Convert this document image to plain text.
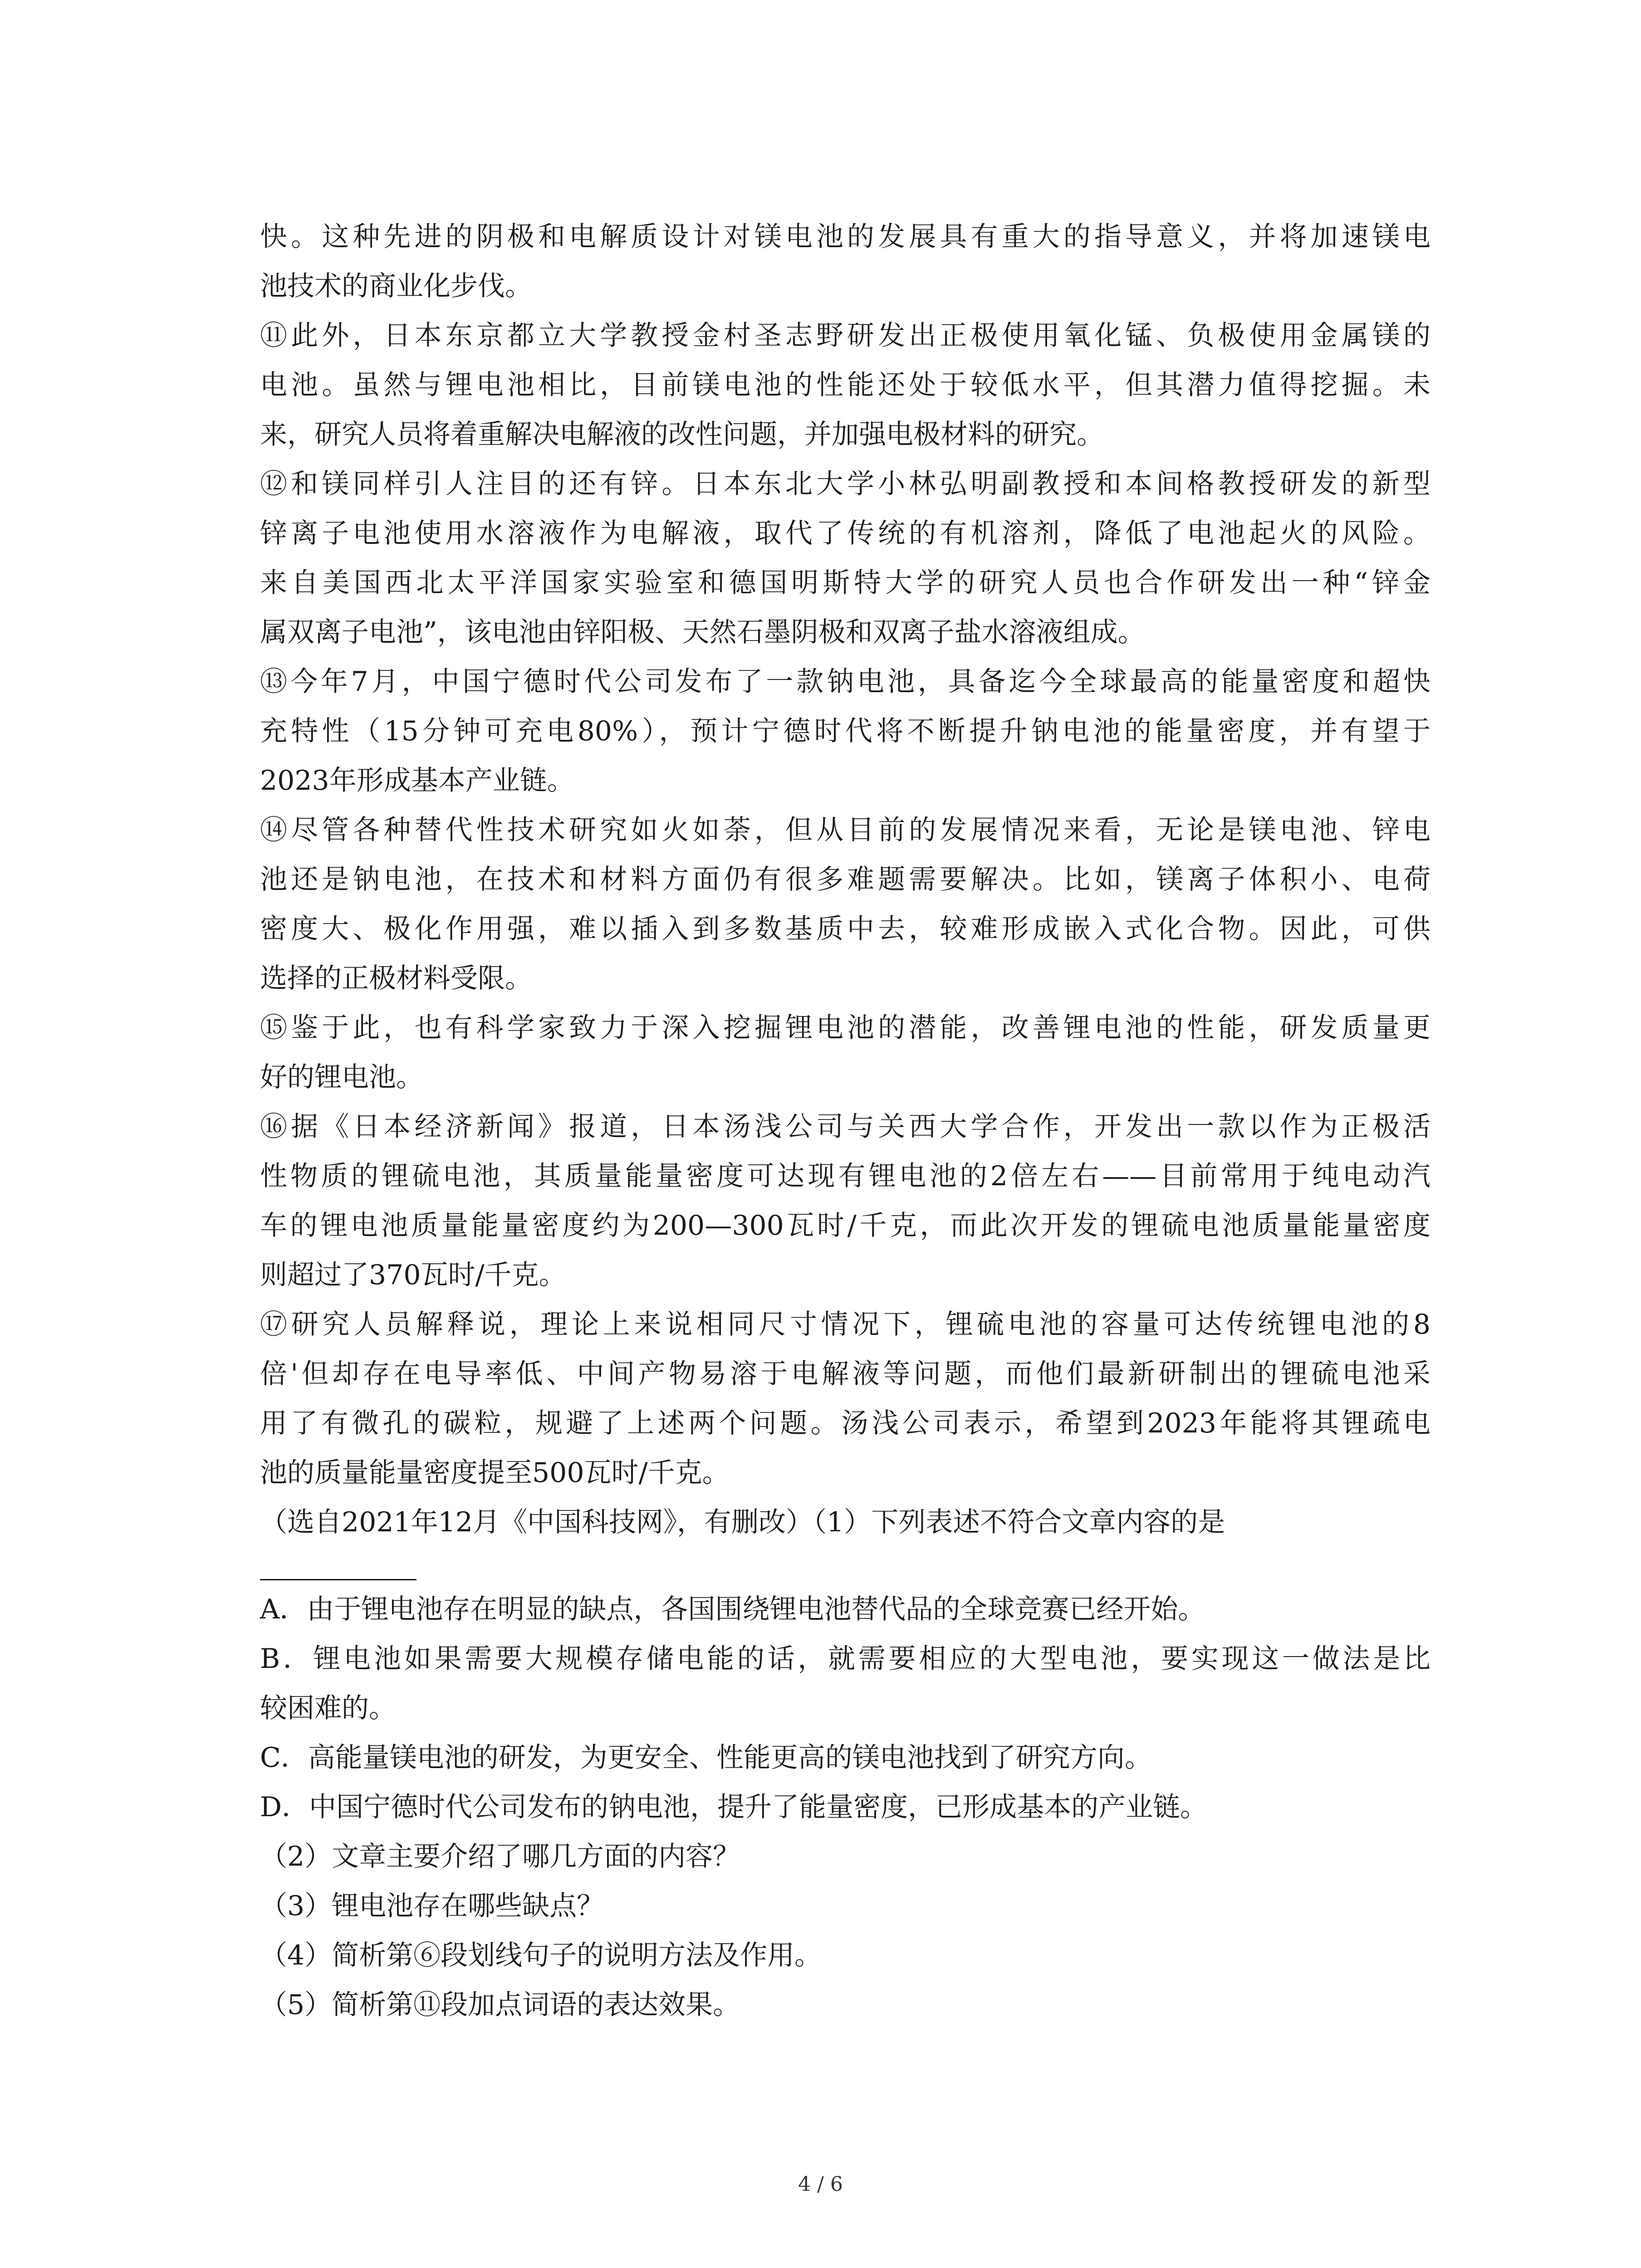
快。这种先进的阴极和电解质设计对镁电池的发展具有重大的指导意义，并将加速镁电
池技术的商业化步伐。
⑪此外，日本东京都立大学教授金村圣志野研发出正极使用氧化锰、负极使用金属镁的
电池。虽然与锂电池相比，目前镁电池的性能还处于较低水平，但其潜力值得挖掘。未
来，研究人员将着重解决电解液的改性问题，并加强电极材料的研究。
⑫和镁同样引人注目的还有锌。日本东北大学小林弘明副教授和本间格教授研发的新型
锌离子电池使用水溶液作为电解液，取代了传统的有机溶剂，降低了电池起火的风险。
来自美国西北太平洋国家实验室和德国明斯特大学的研究人员也合作研发出一种“锌金
属双离子电池”，该电池由锌阳极、天然石墨阴极和双离子盐水溶液组成。
⑬今年7月，中国宁德时代公司发布了一款钠电池，具备迄今全球最高的能量密度和超快
充特性（15分钟可充电80%），预计宁德时代将不断提升钠电池的能量密度，并有望于
2023年形成基本产业链。
⑭尽管各种替代性技术研究如火如荼，但从目前的发展情况来看，无论是镁电池、锌电
池还是钠电池，在技术和材料方面仍有很多难题需要解决。比如，镁离子体积小、电荷
密度大、极化作用强，难以插入到多数基质中去，较难形成嵌入式化合物。因此，可供
选择的正极材料受限。
⑮鉴于此，也有科学家致力于深入挖掘锂电池的潜能，改善锂电池的性能，研发质量更
好的锂电池。
⑯据《日本经济新闻》报道，日本汤浅公司与关西大学合作，开发出一款以作为正极活
性物质的锂硫电池，其质量能量密度可达现有锂电池的2倍左右——目前常用于纯电动汽
车的锂电池质量能量密度约为200—300瓦时/千克，而此次开发的锂硫电池质量能量密度
则超过了370瓦时/千克。
⑰研究人员解释说，理论上来说相同尺寸情况下，锂硫电池的容量可达传统锂电池的8
倍'但却存在电导率低、中间产物易溶于电解液等问题，而他们最新研制出的锂硫电池采
用了有微孔的碳粒，规避了上述两个问题。汤浅公司表示，希望到2023年能将其锂疏电
池的质量能量密度提至500瓦时/千克。
（选自2021年12月《中国科技网》，有删改）（1）下列表述不符合文章内容的是
A．由于锂电池存在明显的缺点，各国围绕锂电池替代品的全球竞赛已经开始。
B．锂电池如果需要大规模存储电能的话，就需要相应的大型电池，要实现这一做法是比
较困难的。
C．高能量镁电池的研发，为更安全、性能更高的镁电池找到了研究方向。
D．中国宁德时代公司发布的钠电池，提升了能量密度，已形成基本的产业链。
（2）文章主要介绍了哪几方面的内容？
（3）锂电池存在哪些缺点？
（4）简析第⑥段划线句子的说明方法及作用。
（5）简析第⑪段加点词语的表达效果。
4 / 6
